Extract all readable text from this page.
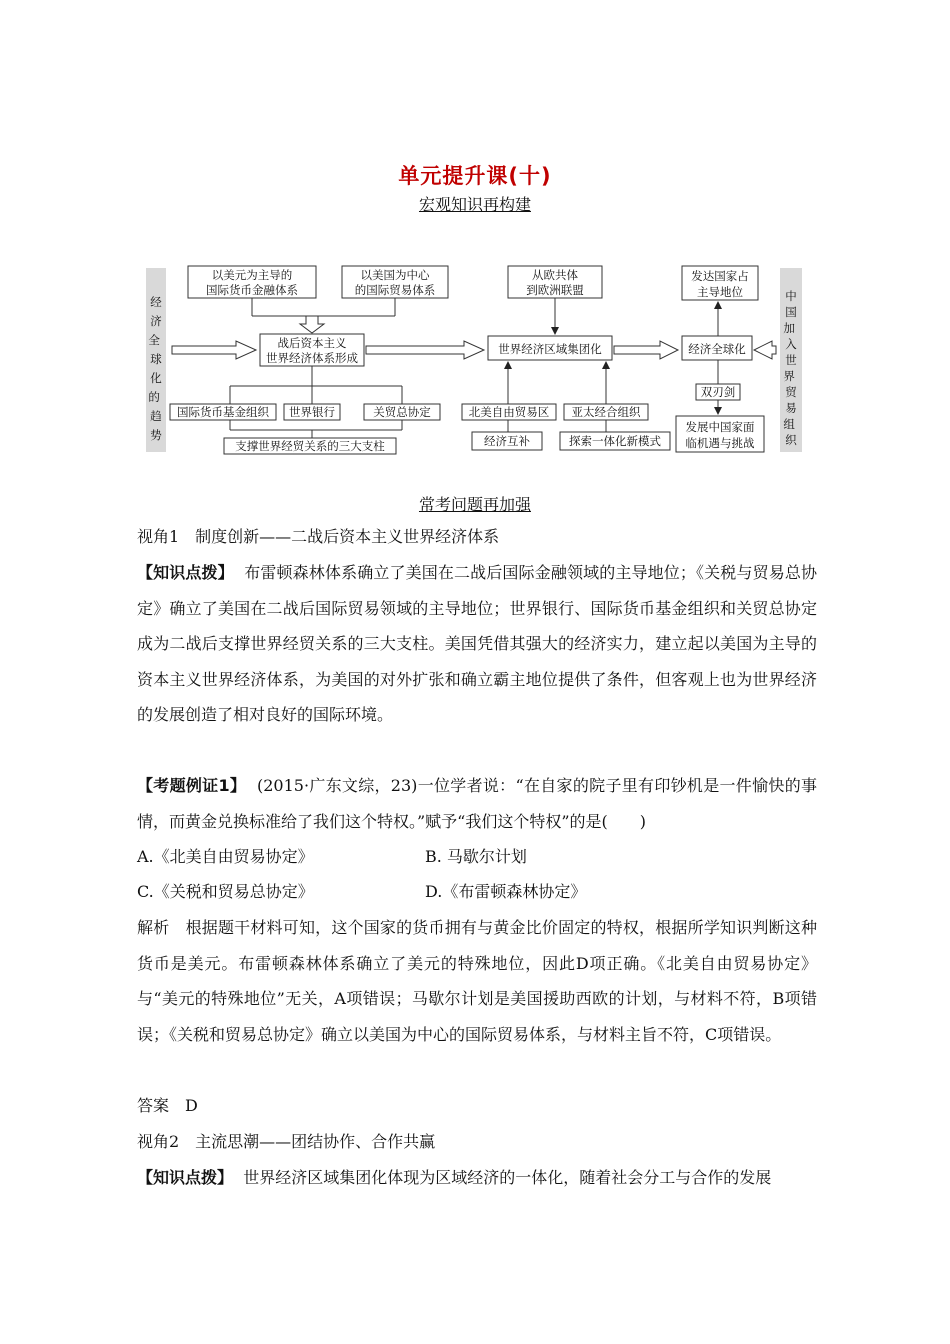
单元提升课(十)
宏观知识再构建
经济全 球化的 趋势
中国加 入世界 贸易组 织
以美元为主导的
国际货币金融体系
以美国为中心
的国际贸易体系
战后资本主义
世界经济体系形成
国际货币基金组织 世界银行	关贸总协定
支撑世界经贸关系的三大支柱
从欧共体
到欧洲联盟
世界经济区域集团化
北美自由贸易区 亚太经合组织
经济互补	探索一体化新模式
发达国家占
主导地位
经济全球化
双刃剑
发展中国家面
临机遇与挑战
常考问题再加强
视角1　制度创新——二战后资本主义世界经济体系
【知识点拨】 布雷顿森林体系确立了美国在二战后国际金融领域的主导地位；《关税与贸易总协定》确立了美国在二战后国际贸易领域的主导地位；世界银行、国际货币基金组织和关贸总协定成为二战后支撑世界经贸关系的三大支柱。美国凭借其强大的经济实力，建立起以美国为主导的资本主义世界经济体系，为美国的对外扩张和确立霸主地位提供了条件，但客观上也为世界经济的发展创造了相对良好的国际环境。
【考题例证1】 (2015·广东文综，23)一位学者说：“在自家的院子里有印钞机是一件愉快的事情，而黄金兑换标准给了我们这个特权。”赋予“我们这个特权”的是(　　)
A.《北美自由贸易协定》	B. 马歇尔计划
C.《关税和贸易总协定》	D.《布雷顿森林协定》
解析　根据题干材料可知，这个国家的货币拥有与黄金比价固定的特权，根据所学知识判断这种货币是美元。布雷顿森林体系确立了美元的特殊地位，因此D项正确。《北美自由贸易协定》与“美元的特殊地位”无关，A项错误；马歇尔计划是美国援助西欧的计划，与材料不符，B项错误；《关税和贸易总协定》确立以美国为中心的国际贸易体系，与材料主旨不符，C项错误。
答案　D
视角2　主流思潮——团结协作、合作共赢
【知识点拨】 世界经济区域集团化体现为区域经济的一体化，随着社会分工与合作的发展
